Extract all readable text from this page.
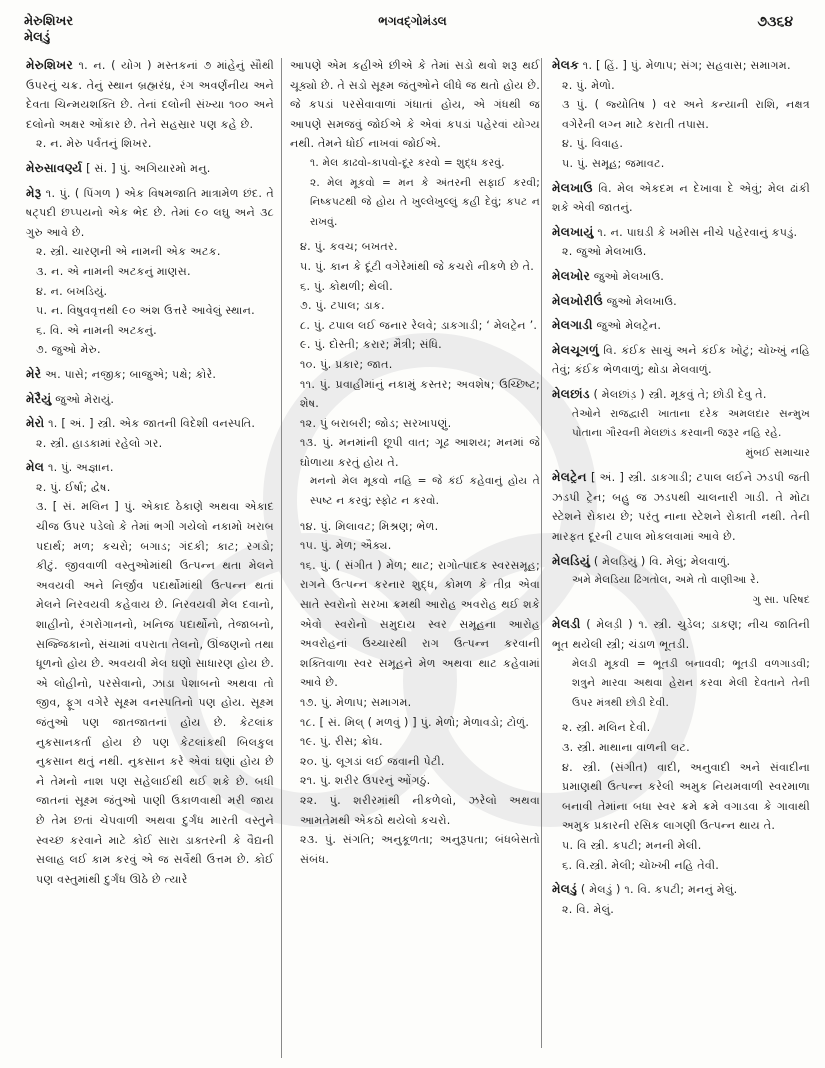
મેરુશિખર
મેલડું
ભગવદ્ગોમંડલ	૭૩૬૪

મેરુશિખર ૧. ન. ( યોગ ) મસ્તકનાં ૭ માંહેનું સૌથી ઉપરનું ચક્ર. તેનું સ્થાન બ્રહ્મરંધ્ર, રંગ અવર્ણનીય અને દેવતા ચિન્મયશક્તિ છે. તેનાં દલોની સંખ્યા ૧૦૦ અને દલોનો અક્ષર ઓંકાર છે. તેને સહસ્રાર પણ કહે છે.

૨. ન. મેરુ પર્વતનું શિખર.

મેરુસાવર્ણ્ય [ સં. ] પું. અગિયારમો મનુ.

મેરૂ ૧. પું. ( પિંગળ ) એક વિષમજાતિ માત્રામેળ છંદ. તે ષટ્પદી છપ્પયનો એક ભેદ છે. તેમાં ૯૦ લઘુ અને ૩૮ ગુરુ આવે છે.

૨. સ્ત્રી. ચારણની એ નામની એક અટક.

૩. ન. એ નામની અટકનું માણસ.

૪. ન. બખડિયું.

૫. ન. વિષુવવૃત્તથી ૯૦ અંશ ઉત્તરે આવેલું સ્થાન.

૬. વિ. એ નામની અટકનું.

૭. જુઓ મેરુ.

મેરે અ. પાસે; નજીક; બાજુએ; પક્ષે; કોરે.

મેરૈયું જુઓ મેરાયું.

મેરો ૧. [ અં. ] સ્ત્રી. એક જાતની વિદેશી વનસ્પતિ.

૨. સ્ત્રી. હાડકામાં રહેલો ગર.

મેલ ૧. પું. અજ્ઞાન.

૨. પું. ઈર્ષા; દ્વેષ.

૩. [ સં. મલિન ] પું. એકાદ ઠેકાણે અથવા એકાદ ચીજ ઉપર પડેલો કે તેમાં ભગી ગયેલો નકામો ખરાબ પદાર્થ; મળ; કચરો; બગાડ; ગંદકી; કાટ; રગડો; કીટું. જીવવાળી વસ્તુઓમાંથી ઉત્પન્ન થતા મેલને અવયવી અને નિર્જીવ પદાર્થોમાંથી ઉત્પન્ન થતાં મેલને નિરવયવી કહેવાય છે. નિરવયવી મેલ દવાનો, શાહીનો, રંગરોગાનનો, ખનિજ પદાર્થોનો, તેજાબનો, સજ્જિકાનો, સંચામાં વપરાતા તેલનો, ઊંજણનો તથા ધૂળનો હોય છે. અવયવી મેલ ઘણો સાધારણ હોય છે. એ લોહીનો, પરસેવાનો, ઝાડા પેશાબનો અથવા તો જીવ, ફૂગ વગેરે સૂક્ષ્મ વનસ્પતિનો પણ હોય. સૂક્ષ્મ જંતુઓ પણ જાતજાતનાં હોય છે. કેટલાંક નુકસાનકર્તા હોય છે પણ કેટલાંકથી બિલકુલ નુકસાન થતું નથી. નુકસાન કરે એવાં ઘણાં હોય છે ને તેમનો નાશ પણ સહેલાઈથી થઈ શકે છે. બધી જાતનાં સૂક્ષ્મ જંતુઓ પાણી ઉકાળવાથી મરી જાય છે તેમ છતાં ચેપવાળી અથવા દુર્ગંધ મારતી વસ્તુને સ્વચ્છ કરવાને માટે કોઈ સારા ડાક્તરની કે વૈદ્યની સલાહ લઈ કામ કરવું એ જ સર્વેથી ઉત્તમ છે. કોઈ પણ વસ્તુમાંથી દુર્ગંધ ઊઠે છે ત્યારે

આપણે એમ કહીએ છીએ કે તેમાં સડો થવો શરૂ થઈ ચૂક્યો છે. તે સડો સૂક્ષ્મ જંતુઓને લીધે જ થતો હોય છે. જે કપડાં પરસેવાવાળાં ગંધાતાં હોય, એ ગંધથી જ આપણે સમજવું જોઈએ કે એવાં કપડાં પહેરવાં યોગ્ય નથી. તેમને ધોઈ નાખવાં જોઈએ.

૧. મેલ કાઢવો-કાપવો-દૂર કરવો = શુદ્ધ કરવું.

૨. મેલ મૂકવો = મન કે અંતરની સફાઈ કરવી; નિષ્કપટથી જે હોય તે ખુલ્લેખુલ્લું કહી દેવું; કપટ ન રાખવું.

૪. પું. કવચ; બખતર.

૫. પું. કાન કે દૂંટી વગેરેમાંથી જે કચરો નીકળે છે તે.

૬. પું. કોથળી; થેલી.

૭. પું. ટપાલ; ડાક.

૮. પું. ટપાલ લઈ જનાર રેલવે; ડાકગાડી; ‘ મેલટ્રેન ’.

૯. પું. દોસ્તી; કરાર; મૈત્રી; સંધિ.

૧૦. પું. પ્રકાર; જાત.

૧૧. પું. પ્રવાહીમાંનું નકામું કસ્તર; અવશેષ; ઉચ્છિષ્ટ; શેષ.

૧૨. પું બરાબરી; જોડ; સરખાપણું.

૧૩. પું. મનમાંની છૂપી વાત; ગૂઢ આશય; મનમાં જે ઘોળાયા કરતું હોય તે.

મનનો મેલ મૂકવો નહિ = જે કંઈ કહેવાનું હોય તે સ્પષ્ટ ન કરવું; સ્ફોટ ન કરવો.

૧૪. પું. મિલાવટ; મિશ્રણ; ભેળ.

૧૫. પું. મેળ; ઐક્ય.

૧૬. પું. ( સંગીત ) મેળ; થાટ; રાગોત્પાદક સ્વરસમૂહ; રાગને ઉત્પન્ન કરનાર શુદ્ધ, કોમળ કે તીવ્ર એવા સાતે સ્વરોનો સરખા ક્રમથી આરોહ અવરોહ થઈ શકે એવો સ્વરોનો સમુદાય સ્વર સમૂહના આરોહ અવરોહનાં ઉચ્ચારથી રાગ ઉત્પન્ન કરવાની શક્તિવાળા સ્વર સમૂહને મેળ અથવા થાટ કહેવામાં આવે છે.

૧૭. પું. મેળાપ; સમાગમ.

૧૮. [ સં. મિલ્ ( મળવું ) ] પું. મેળો; મેળાવડો; ટોળું.

૧૯. પું. રીસ; ક્રોધ.

૨૦. પું. લૂગડાં લઈ જવાની પેટી.

૨૧. પું. શરીર ઉપરનું ઓંગઠું.

૨૨. પું. શરીરમાંથી નીકળેલો, ઝરેલો અથવા આમતેમથી એકઠો થયેલો કચરો.

૨૩. પું. સંગતિ; અનુકૂળતા; અનુરૂપતા; બંધબેસતો સંબંધ.

મેલક ૧. [ હિં. ] પું. મેળાપ; સંગ; સહવાસ; સમાગમ.

૨. પું. મેળો.

૩ પું. ( જ્યોતિષ ) વર અને કન્યાની રાશિ, નક્ષત્ર વગેરેની લગ્ન માટે કરાતી તપાસ.

૪. પું. વિવાહ.

૫. પું. સમૂહ; જમાવટ.

મેલખાઉ વિ. મેલ એકદમ ન દેખાવા દે એવું; મેલ ઢાંકી શકે એવી જાતનું.

મેલખાયું ૧. ન. પાઘડી કે ખમીસ નીચે પહેરવાનું કપડું.

૨. જુઓ મેલખાઉ.

મેલખોર જુઓ મેલખાઉ.

મેલખોરીઉં જુઓ મેલખાઉ.

મેલગાડી જુઓ મેલટ્રેન.

મેલચૂગળું વિ. કંઈક સાચું અને કંઈક ખોટું; ચોખ્ખું નહિ તેવું; કંઈક ભેળવાળું; થોડા મેલવાળું.

મેલછાંડ ( મેલછાંડ઼ ) સ્ત્રી. મૂકવું તે; છોડી દેવુ તે.

તેઓને રાજદ્વારી ખાતાના દરેક અમલદાર સન્મુખ પોતાના ગૌરવની મેલછાંડ કરવાની જરૂર નહિ રહે.

મુંબઈ સમાચાર

મેલટ્રેન [ અં. ] સ્ત્રી. ડાકગાડી; ટપાલ લઈને ઝડપી જતી ઝડપી ટ્રેન; બહુ જ ઝડપથી ચાલનારી ગાડી. તે મોટા સ્ટેશને રોકાય છે; પરંતુ નાના સ્ટેશને રોકાતી નથી. તેની મારફત દૂરની ટપાલ મોકલવામાં આવે છે.

મેલડિયું ( મેલડ઼િયું ) વિ. મેલું; મેલવાળું.

અમે મેલડિયા ઢિંગતોલ, અમે તો વાણીઆ રે.

ગુ સા. પરિષદ

મેલડી ( મેલડ઼ી ) ૧. સ્ત્રી. ચુડેલ; ડાકણ; નીચ જાતિની ભૂત થયેલી સ્ત્રી; ચંડાળ ભૂતડી.

મેલડી મૂકવી = ભૂતડી બનાવવી; ભૂતડી વળગાડવી; શત્રુને મારવા અથવા હેરાન કરવા મેલી દેવતાને તેની ઉપર મંત્રથી છોડી દેવી.

૨. સ્ત્રી. મલિન દેવી.

૩. સ્ત્રી. માથાના વાળની લટ.

૪. સ્ત્રી. (સંગીત) વાદી, અનુવાદી અને સંવાદીના પ્રમાણથી ઉત્પન્ન કરેલી અમુક નિયમવાળી સ્વરમાળા બનાવી તેમાંના બધા સ્વર ક્રમે ક્રમે વગાડવા કે ગાવાથી અમુક પ્રકારની રસિક લાગણી ઉત્પન્ન થાય તે.

૫. વિ સ્ત્રી. કપટી; મનની મેલી.

૬. વિ.સ્ત્રી. મેલી; ચોખ્ખી નહિ તેવી.

મેલડું ( મેલડ઼ું ) ૧. વિ. કપટી; મનનું મેલું.

૨. વિ. મેલું.
